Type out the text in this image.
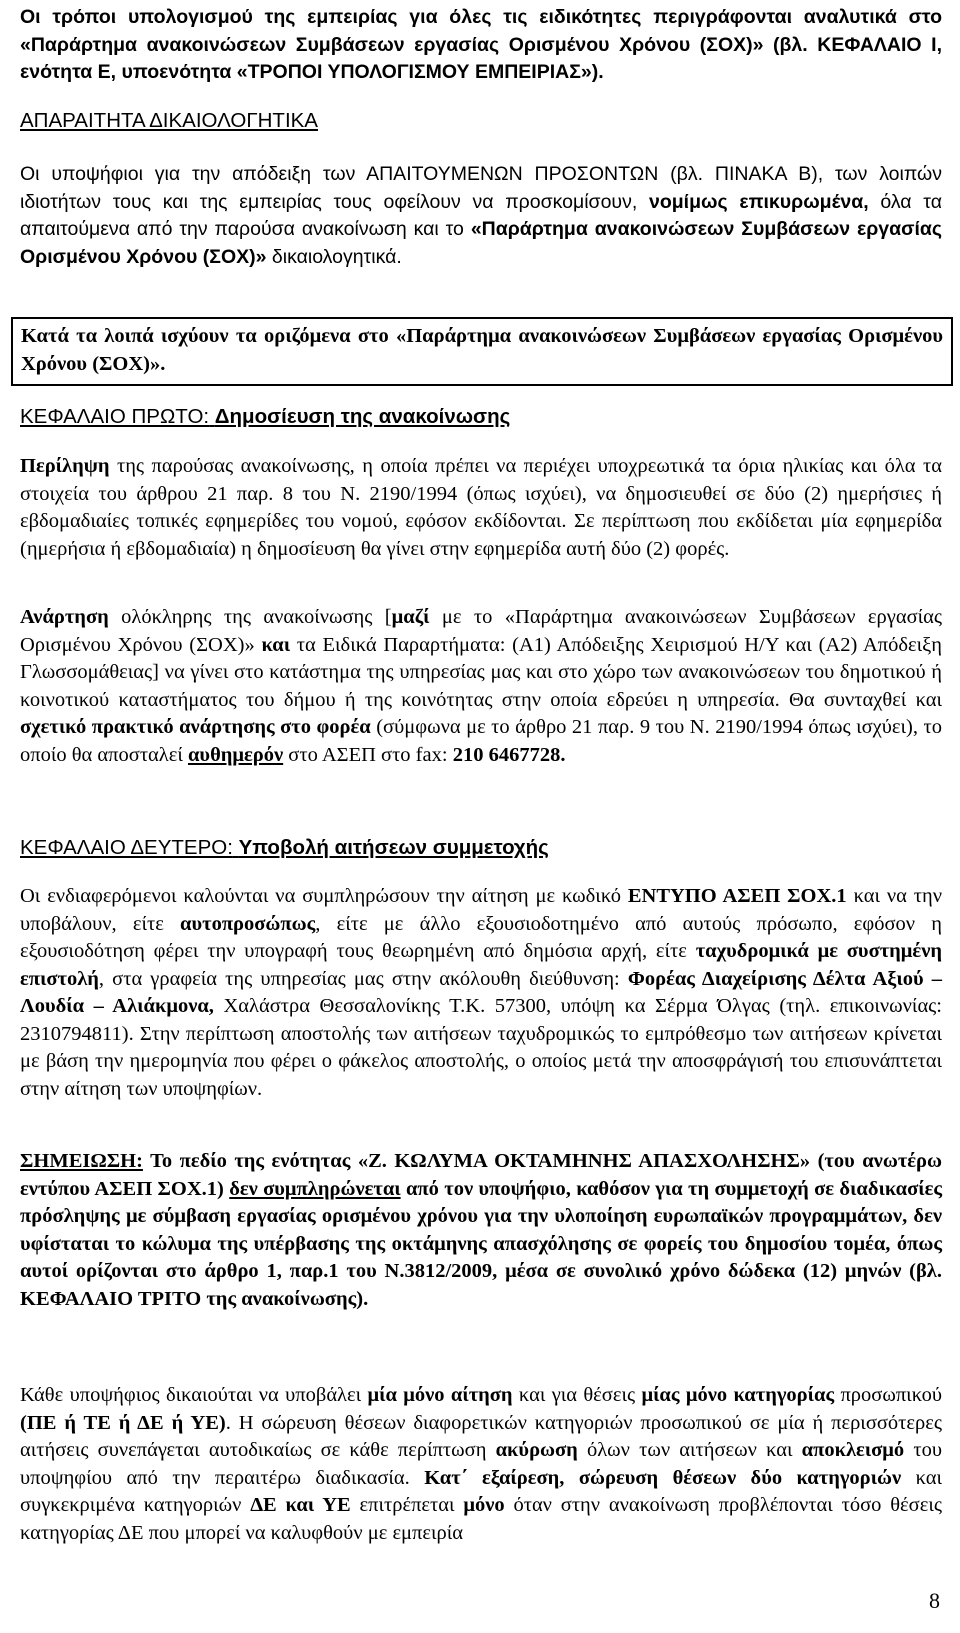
Οι τρόποι υπολογισμού της εμπειρίας για όλες τις ειδικότητες περιγράφονται αναλυτικά στο «Παράρτημα ανακοινώσεων Συμβάσεων εργασίας Ορισμένου Χρόνου (ΣΟΧ)» (βλ. ΚΕΦΑΛΑΙΟ Ι, ενότητα Ε, υποενότητα «ΤΡΟΠΟΙ ΥΠΟΛΟΓΙΣΜΟΥ ΕΜΠΕΙΡΙΑΣ»).

ΑΠΑΡΑΙΤΗΤΑ ΔΙΚΑΙΟΛΟΓΗΤΙΚΑ

Οι υποψήφιοι για την απόδειξη των ΑΠΑΙΤΟΥΜΕΝΩΝ ΠΡΟΣΟΝΤΩΝ (βλ. ΠΙΝΑΚΑ Β), των λοιπών ιδιοτήτων τους και της εμπειρίας τους οφείλουν να προσκομίσουν, νομίμως επικυρωμένα, όλα τα απαιτούμενα από την παρούσα ανακοίνωση και το «Παράρτημα ανακοινώσεων Συμβάσεων εργασίας Ορισμένου Χρόνου (ΣΟΧ)» δικαιολογητικά.

Κατά τα λοιπά ισχύουν τα οριζόμενα στο «Παράρτημα ανακοινώσεων Συμβάσεων εργασίας Ορισμένου Χρόνου (ΣΟΧ)».

ΚΕΦΑΛΑΙΟ ΠΡΩΤΟ: Δημοσίευση της ανακοίνωσης

Περίληψη της παρούσας ανακοίνωσης, η οποία πρέπει να περιέχει υποχρεωτικά τα όρια ηλικίας και όλα τα στοιχεία του άρθρου 21 παρ. 8 του Ν. 2190/1994 (όπως ισχύει), να δημοσιευθεί σε δύο (2) ημερήσιες ή εβδομαδιαίες τοπικές εφημερίδες του νομού, εφόσον εκδίδονται. Σε περίπτωση που εκδίδεται μία εφημερίδα (ημερήσια ή εβδομαδιαία) η δημοσίευση θα γίνει στην εφημερίδα αυτή δύο (2) φορές.

Ανάρτηση ολόκληρης της ανακοίνωσης [μαζί με το «Παράρτημα ανακοινώσεων Συμβάσεων εργασίας Ορισμένου Χρόνου (ΣΟΧ)» και τα Ειδικά Παραρτήματα: (Α1) Απόδειξης Χειρισμού Η/Υ και (Α2) Απόδειξη Γλωσσομάθειας] να γίνει στο κατάστημα της υπηρεσίας μας και στο χώρο των ανακοινώσεων του δημοτικού ή κοινοτικού καταστήματος του δήμου ή της κοινότητας στην οποία εδρεύει η υπηρεσία. Θα συνταχθεί και σχετικό πρακτικό ανάρτησης στο φορέα (σύμφωνα με το άρθρο 21 παρ. 9 του Ν. 2190/1994 όπως ισχύει), το οποίο θα αποσταλεί αυθημερόν στο ΑΣΕΠ στο fax: 210 6467728.

ΚΕΦΑΛΑΙΟ ΔΕΥΤΕΡΟ: Υποβολή αιτήσεων συμμετοχής

Οι ενδιαφερόμενοι καλούνται να συμπληρώσουν την αίτηση με κωδικό ΕΝΤΥΠΟ ΑΣΕΠ ΣΟΧ.1 και να την υποβάλουν, είτε αυτοπροσώπως, είτε με άλλο εξουσιοδοτημένο από αυτούς πρόσωπο, εφόσον η εξουσιοδότηση φέρει την υπογραφή τους θεωρημένη από δημόσια αρχή, είτε ταχυδρομικά με συστημένη επιστολή, στα γραφεία της υπηρεσίας μας στην ακόλουθη διεύθυνση: Φορέας Διαχείρισης Δέλτα Αξιού – Λουδία – Αλιάκμονα, Χαλάστρα Θεσσαλονίκης Τ.Κ. 57300, υπόψη κα Σέρμα Όλγας (τηλ. επικοινωνίας: 2310794811). Στην περίπτωση αποστολής των αιτήσεων ταχυδρομικώς το εμπρόθεσμο των αιτήσεων κρίνεται με βάση την ημερομηνία που φέρει ο φάκελος αποστολής, ο οποίος μετά την αποσφράγισή του επισυνάπτεται στην αίτηση των υποψηφίων.

ΣΗΜΕΙΩΣΗ: Το πεδίο της ενότητας «Ζ. ΚΩΛΥΜΑ ΟΚΤΑΜΗΝΗΣ ΑΠΑΣΧΟΛΗΣΗΣ» (του ανωτέρω εντύπου ΑΣΕΠ ΣΟΧ.1) δεν συμπληρώνεται από τον υποψήφιο, καθόσον για τη συμμετοχή σε διαδικασίες πρόσληψης με σύμβαση εργασίας ορισμένου χρόνου για την υλοποίηση ευρωπαϊκών προγραμμάτων, δεν υφίσταται το κώλυμα της υπέρβασης της οκτάμηνης απασχόλησης σε φορείς του δημοσίου τομέα, όπως αυτοί ορίζονται στο άρθρο 1, παρ.1 του Ν.3812/2009, μέσα σε συνολικό χρόνο δώδεκα (12) μηνών (βλ. ΚΕΦΑΛΑΙΟ ΤΡΙΤΟ της ανακοίνωσης).

Κάθε υποψήφιος δικαιούται να υποβάλει μία μόνο αίτηση και για θέσεις μίας μόνο κατηγορίας προσωπικού (ΠΕ ή ΤΕ ή ΔΕ ή ΥΕ). Η σώρευση θέσεων διαφορετικών κατηγοριών προσωπικού σε μία ή περισσότερες αιτήσεις συνεπάγεται αυτοδικαίως σε κάθε περίπτωση ακύρωση όλων των αιτήσεων και αποκλεισμό του υποψηφίου από την περαιτέρω διαδικασία. Κατ΄ εξαίρεση, σώρευση θέσεων δύο κατηγοριών και συγκεκριμένα κατηγοριών ΔΕ και ΥΕ επιτρέπεται μόνο όταν στην ανακοίνωση προβλέπονται τόσο θέσεις κατηγορίας ΔΕ που μπορεί να καλυφθούν με εμπειρία

8
